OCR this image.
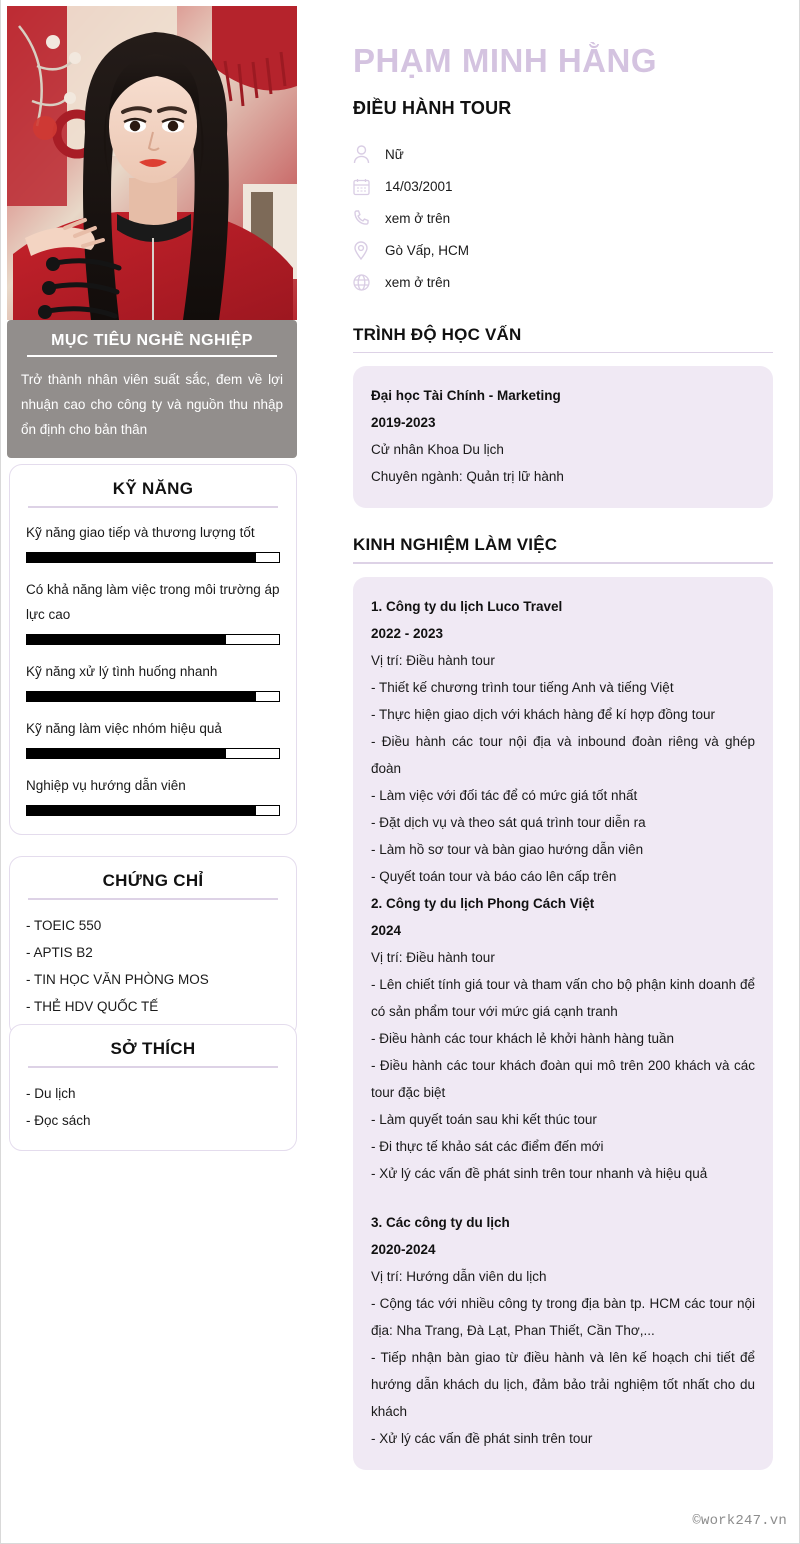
MỤC TIÊU NGHỀ NGHIỆP
Trở thành nhân viên suất sắc, đem về lợi nhuận cao cho công ty và nguồn thu nhập ổn định cho bản thân
KỸ NĂNG
Kỹ năng giao tiếp và thương lượng tốt
Có khả năng làm việc trong môi trường áp lực cao
Kỹ năng xử lý tình huống nhanh
Kỹ năng làm việc nhóm hiệu quả
Nghiệp vụ hướng dẫn viên
CHỨNG CHỈ
- TOEIC 550
- APTIS B2
- TIN HỌC VĂN PHÒNG MOS
- THẺ HDV QUỐC TẾ
SỞ THÍCH
- Du lịch
- Đọc sách
PHẠM MINH HẰNG
ĐIỀU HÀNH TOUR
Nữ
14/03/2001
xem ở trên
Gò Vấp, HCM
xem ở trên
TRÌNH ĐỘ HỌC VẤN
Đại học Tài Chính - Marketing
2019-2023
Cử nhân Khoa Du lịch
Chuyên ngành: Quản trị lữ hành
KINH NGHIỆM LÀM VIỆC
1. Công ty du lịch Luco Travel
2022 - 2023
Vị trí: Điều hành tour
- Thiết kế chương trình tour tiếng Anh và tiếng Việt
- Thực hiện giao dịch với khách hàng để kí hợp đồng tour
- Điều hành các tour nội địa và inbound đoàn riêng và ghép đoàn
- Làm việc với đối tác để có mức giá tốt nhất
- Đặt dịch vụ và theo sát quá trình tour diễn ra
- Làm hồ sơ tour và bàn giao hướng dẫn viên
- Quyết toán tour và báo cáo lên cấp trên
2. Công ty du lịch Phong Cách Việt
2024
Vị trí: Điều hành tour
- Lên chiết tính giá tour và tham vấn cho bộ phận kinh doanh để có sản phẩm tour với mức giá cạnh tranh
- Điều hành các tour khách lẻ khởi hành hàng tuần
- Điều hành các tour khách đoàn qui mô trên 200 khách và các tour đặc biệt
- Làm quyết toán sau khi kết thúc tour
- Đi thực tế khảo sát các điểm đến mới
- Xử lý các vấn đề phát sinh trên tour nhanh và hiệu quả
3. Các công ty du lịch
2020-2024
Vị trí: Hướng dẫn viên du lịch
- Cộng tác với nhiều công ty trong địa bàn tp. HCM các tour nội địa: Nha Trang, Đà Lạt, Phan Thiết, Cần Thơ,...
- Tiếp nhận bàn giao từ điều hành và lên kế hoạch chi tiết để hướng dẫn khách du lịch, đảm bảo trải nghiệm tốt nhất cho du khách
- Xử lý các vấn đề phát sinh trên tour
©work247.vn
